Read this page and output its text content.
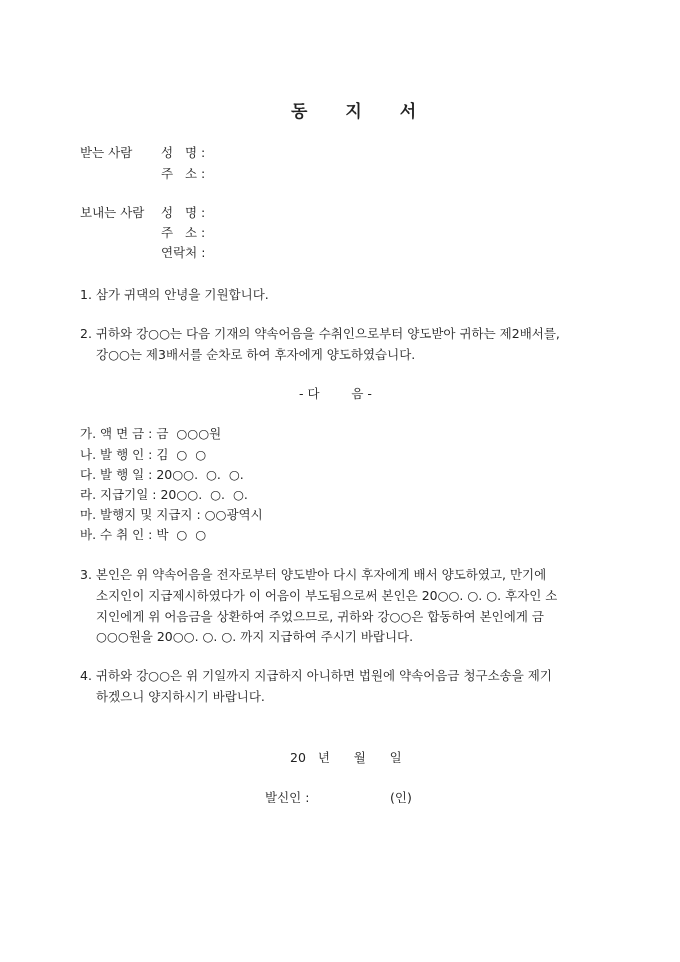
동 지 서
받는 사람 성   명 :
주   소 :
보내는 사람 성   명 :
주   소 :
연락처 :
1. 삼가 귀댁의 안녕을 기원합니다.
2. 귀하와 강○○는 다음 기재의 약속어음을 수취인으로부터 양도받아 귀하는 제2배서를,
강○○는 제3배서를 순차로 하여 후자에게 양도하였습니다.
- 다        음 -
가. 액 면 금 : 금  ○○○원
나. 발 행 인 : 김  ○  ○
다. 발 행 일 : 20○○.  ○.  ○.
라. 지급기일 : 20○○.  ○.  ○.
마. 발행지 및 지급지 : ○○광역시
바. 수 취 인 : 박  ○  ○
3. 본인은 위 약속어음을 전자로부터 양도받아 다시 후자에게 배서 양도하였고, 만기에
소지인이 지급제시하였다가 이 어음이 부도됨으로써 본인은 20○○. ○. ○. 후자인 소
지인에게 위 어음금을 상환하여 주었으므로, 귀하와 강○○은 합동하여 본인에게 금
○○○원을 20○○. ○. ○. 까지 지급하여 주시기 바랍니다.
4. 귀하와 강○○은 위 기일까지 지급하지 아니하면 법원에 약속어음금 청구소송을 제기
하겠으니 양지하시기 바랍니다.
20   년      월      일
발신인 :	(인)
